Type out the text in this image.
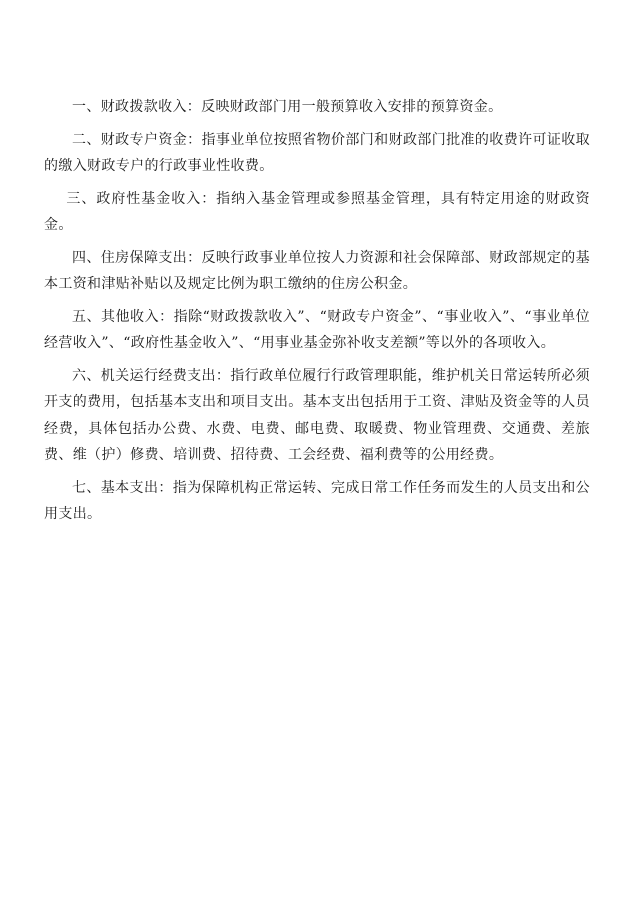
一、财政拨款收入：反映财政部门用一般预算收入安排的预算资金。

二、财政专户资金：指事业单位按照省物价部门和财政部门批准的收费许可证收取的缴入财政专户的行政事业性收费。

三、政府性基金收入：指纳入基金管理或参照基金管理，具有特定用途的财政资金。

四、住房保障支出：反映行政事业单位按人力资源和社会保障部、财政部规定的基本工资和津贴补贴以及规定比例为职工缴纳的住房公积金。

五、其他收入：指除“财政拨款收入”、“财政专户资金”、“事业收入”、“事业单位经营收入”、“政府性基金收入”、“用事业基金弥补收支差额”等以外的各项收入。

六、机关运行经费支出：指行政单位履行行政管理职能，维护机关日常运转所必须开支的费用，包括基本支出和项目支出。基本支出包括用于工资、津贴及资金等的人员经费，具体包括办公费、水费、电费、邮电费、取暖费、物业管理费、交通费、差旅费、维（护）修费、培训费、招待费、工会经费、福利费等的公用经费。

七、基本支出：指为保障机构正常运转、完成日常工作任务而发生的人员支出和公用支出。
